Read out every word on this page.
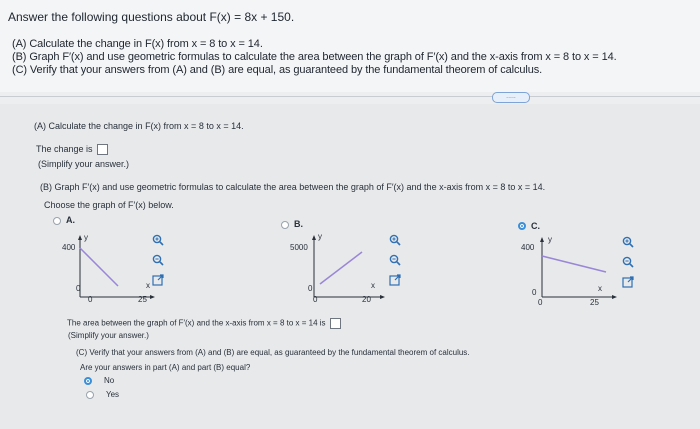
Answer the following questions about F(x) = 8x + 150.
(A) Calculate the change in F(x) from x = 8 to x = 14.
(B) Graph F′(x) and use geometric formulas to calculate the area between the graph of F′(x) and the x-axis from x = 8 to x = 14.
(C) Verify that your answers from (A) and (B) are equal, as guaranteed by the fundamental theorem of calculus.
.....
(A) Calculate the change in F(x) from x = 8 to x = 14.
The change is
(Simplify your answer.)
(B) Graph F′(x) and use geometric formulas to calculate the area between the graph of F′(x) and the x-axis from x = 8 to x = 14.
Choose the graph of F′(x) below.
A.
400
y
0
0	25
x
B.
5000
y
0
0	20
x
C.
400
y
0
0	25
x
The area between the graph of F′(x) and the x-axis from x = 8 to x = 14 is
(Simplify your answer.)
(C) Verify that your answers from (A) and (B) are equal, as guaranteed by the fundamental theorem of calculus.
Are your answers in part (A) and part (B) equal?
No
Yes
